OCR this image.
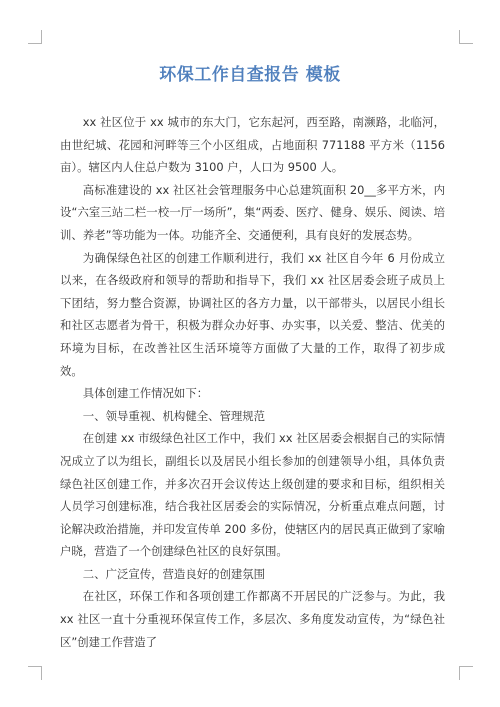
环保工作自查报告 模板

xx 社区位于 xx 城市的东大门，它东起河，西至路，南濒路，北临河，由世纪城、花园和河畔等三个小区组成，占地面积 771188 平方米（1156 亩）。辖区内人住总户数为 3100 户，人口为 9500 人。

高标准建设的 xx 社区社会管理服务中心总建筑面积 20__多平方米，内设“六室三站二栏一校一厅一场所”，集“两委、医疗、健身、娱乐、阅读、培训、养老”等功能为一体。功能齐全、交通便利，具有良好的发展态势。

为确保绿色社区的创建工作顺利进行，我们 xx 社区自今年 6 月份成立以来，在各级政府和领导的帮助和指导下，我们 xx 社区居委会班子成员上下团结，努力整合资源，协调社区的各方力量，以干部带头，以居民小组长和社区志愿者为骨干，积极为群众办好事、办实事，以关爱、整洁、优美的环境为目标，在改善社区生活环境等方面做了大量的工作，取得了初步成效。

具体创建工作情况如下：

一、领导重视、机构健全、管理规范

在创建 xx 市级绿色社区工作中，我们 xx 社区居委会根据自己的实际情况成立了以为组长，副组长以及居民小组长参加的创建领导小组，具体负责绿色社区创建工作，并多次召开会议传达上级创建的要求和目标，组织相关人员学习创建标准，结合我社区居委会的实际情况，分析重点难点问题，讨论解决政治措施，并印发宣传单 200 多份，使辖区内的居民真正做到了家喻户晓，营造了一个创建绿色社区的良好氛围。

二、广泛宣传，营造良好的创建氛围

在社区，环保工作和各项创建工作都离不开居民的广泛参与。为此，我 xx 社区一直十分重视环保宣传工作，多层次、多角度发动宣传，为“绿色社区”创建工作营造了
